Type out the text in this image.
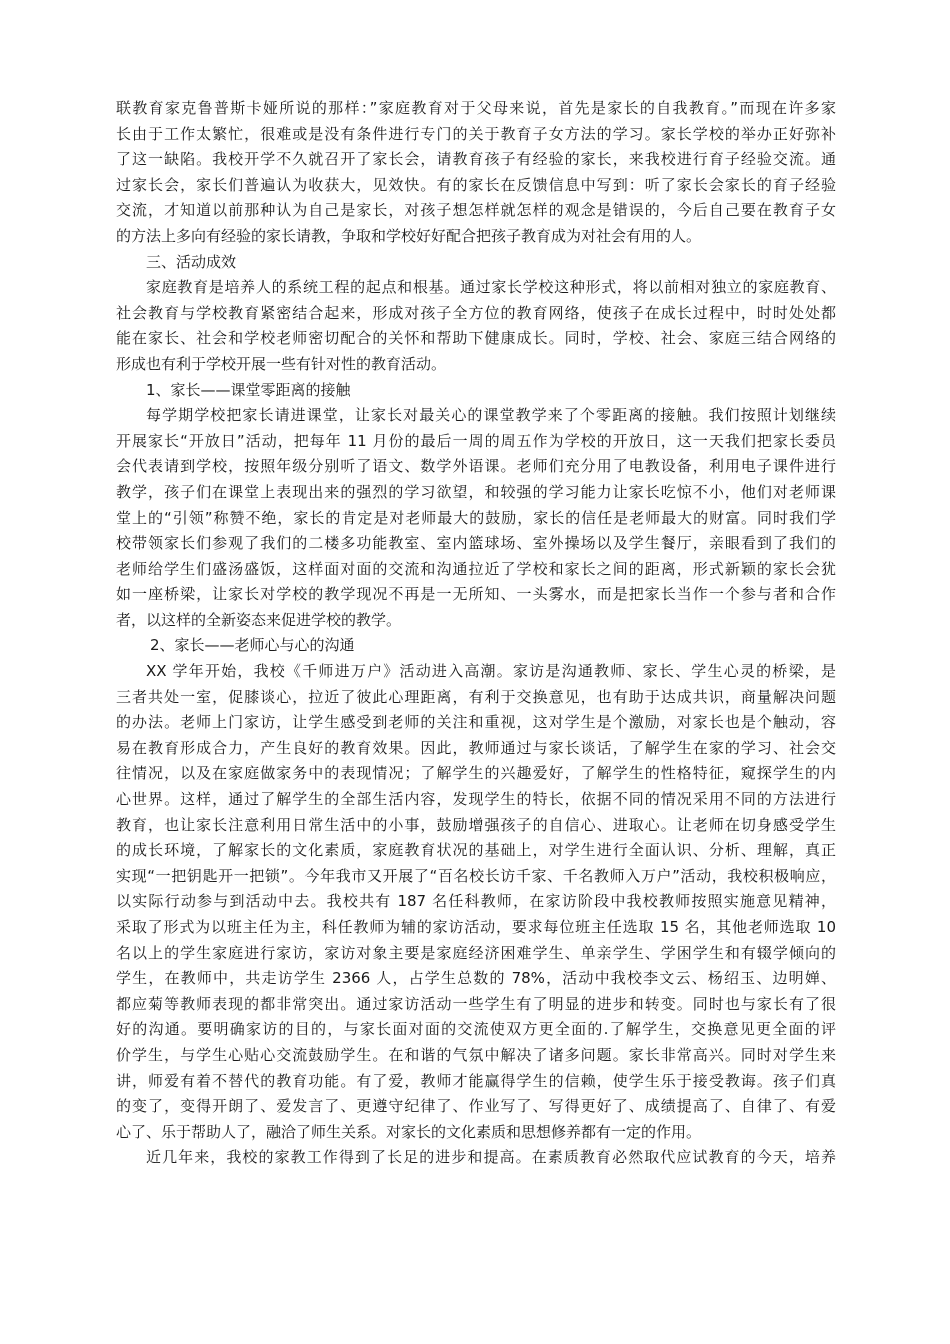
联教育家克鲁普斯卡娅所说的那样：”家庭教育对于父母来说，首先是家长的自我教育。”而现在许多家
长由于工作太繁忙，很难或是没有条件进行专门的关于教育子女方法的学习。家长学校的举办正好弥补
了这一缺陷。我校开学不久就召开了家长会，请教育孩子有经验的家长，来我校进行育子经验交流。通
过家长会，家长们普遍认为收获大，见效快。有的家长在反馈信息中写到：听了家长会家长的育子经验
交流，才知道以前那种认为自己是家长，对孩子想怎样就怎样的观念是错误的，今后自己要在教育子女
的方法上多向有经验的家长请教，争取和学校好好配合把孩子教育成为对社会有用的人。
三、活动成效
家庭教育是培养人的系统工程的起点和根基。通过家长学校这种形式，将以前相对独立的家庭教育、
社会教育与学校教育紧密结合起来，形成对孩子全方位的教育网络，使孩子在成长过程中，时时处处都
能在家长、社会和学校老师密切配合的关怀和帮助下健康成长。同时，学校、社会、家庭三结合网络的
形成也有利于学校开展一些有针对性的教育活动。
1、家长——课堂零距离的接触
每学期学校把家长请进课堂，让家长对最关心的课堂教学来了个零距离的接触。我们按照计划继续
开展家长“开放日”活动，把每年 11 月份的最后一周的周五作为学校的开放日，这一天我们把家长委员
会代表请到学校，按照年级分别听了语文、数学外语课。老师们充分用了电教设备，利用电子课件进行
教学，孩子们在课堂上表现出来的强烈的学习欲望，和较强的学习能力让家长吃惊不小，他们对老师课
堂上的“引领”称赞不绝，家长的肯定是对老师最大的鼓励，家长的信任是老师最大的财富。同时我们学
校带领家长们参观了我们的二楼多功能教室、室内篮球场、室外操场以及学生餐厅，亲眼看到了我们的
老师给学生们盛汤盛饭，这样面对面的交流和沟通拉近了学校和家长之间的距离，形式新颖的家长会犹
如一座桥梁，让家长对学校的教学现况不再是一无所知、一头雾水，而是把家长当作一个参与者和合作
者，以这样的全新姿态来促进学校的教学。
2、家长——老师心与心的沟通
XX 学年开始，我校《千师进万户》活动进入高潮。家访是沟通教师、家长、学生心灵的桥梁，是
三者共处一室，促膝谈心，拉近了彼此心理距离，有利于交换意见，也有助于达成共识，商量解决问题
的办法。老师上门家访，让学生感受到老师的关注和重视，这对学生是个激励，对家长也是个触动，容
易在教育形成合力，产生良好的教育效果。因此，教师通过与家长谈话，了解学生在家的学习、社会交
往情况，以及在家庭做家务中的表现情况；了解学生的兴趣爱好，了解学生的性格特征，窥探学生的内
心世界。这样，通过了解学生的全部生活内容，发现学生的特长，依据不同的情况采用不同的方法进行
教育，也让家长注意利用日常生活中的小事，鼓励增强孩子的自信心、进取心。让老师在切身感受学生
的成长环境，了解家长的文化素质，家庭教育状况的基础上，对学生进行全面认识、分析、理解，真正
实现“一把钥匙开一把锁”。今年我市又开展了“百名校长访千家、千名教师入万户”活动，我校积极响应，
以实际行动参与到活动中去。我校共有 187 名任科教师，在家访阶段中我校教师按照实施意见精神，
采取了形式为以班主任为主，科任教师为辅的家访活动，要求每位班主任选取 15 名，其他老师选取 10
名以上的学生家庭进行家访，家访对象主要是家庭经济困难学生、单亲学生、学困学生和有辍学倾向的
学生，在教师中，共走访学生 2366 人，占学生总数的 78%，活动中我校李文云、杨绍玉、边明婵、
都应菊等教师表现的都非常突出。通过家访活动一些学生有了明显的进步和转变。同时也与家长有了很
好的沟通。要明确家访的目的，与家长面对面的交流使双方更全面的.了解学生，交换意见更全面的评
价学生，与学生心贴心交流鼓励学生。在和谐的气氛中解决了诸多问题。家长非常高兴。同时对学生来
讲，师爱有着不替代的教育功能。有了爱，教师才能赢得学生的信赖，使学生乐于接受教诲。孩子们真
的变了，变得开朗了、爱发言了、更遵守纪律了、作业写了、写得更好了、成绩提高了、自律了、有爱
心了、乐于帮助人了，融洽了师生关系。对家长的文化素质和思想修养都有一定的作用。
近几年来，我校的家教工作得到了长足的进步和提高。在素质教育必然取代应试教育的今天，培养
